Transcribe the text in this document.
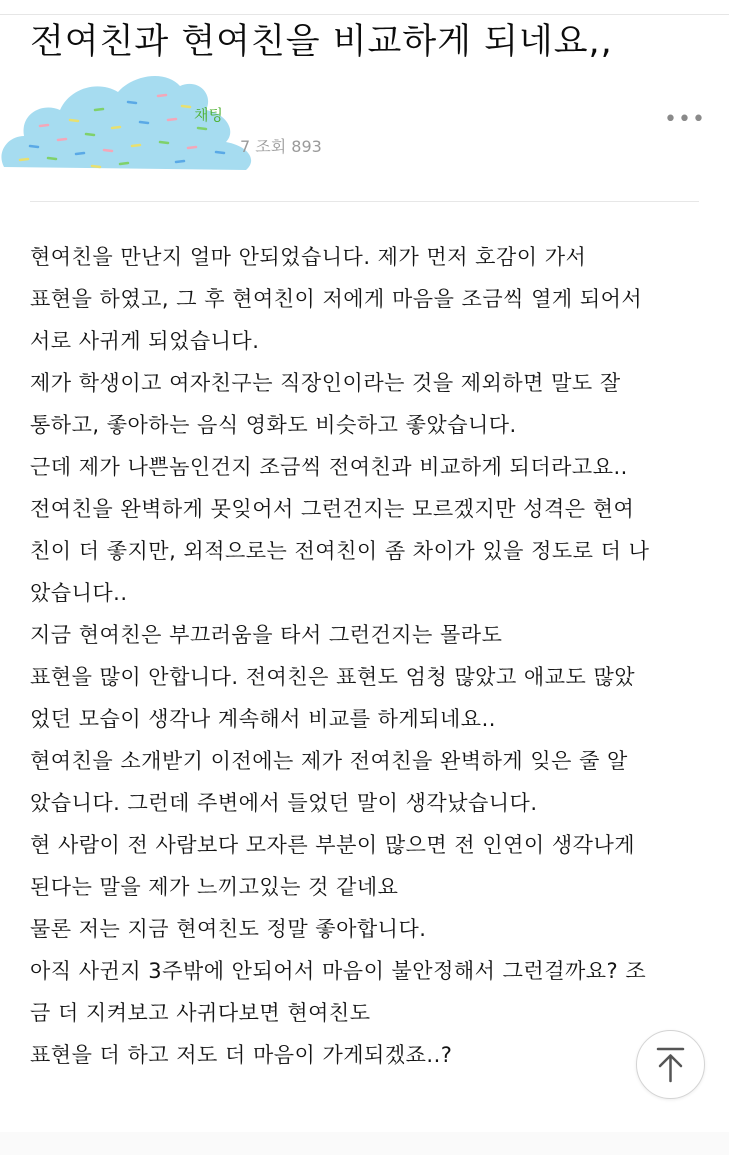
전여친과 현여친을 비교하게 되네요,,
채팅
7 조회 893
•••
현여친을 만난지 얼마 안되었습니다. 제가 먼저 호감이 가서
표현을 하였고, 그 후 현여친이 저에게 마음을 조금씩 열게 되어서
서로 사귀게 되었습니다.
제가 학생이고 여자친구는 직장인이라는 것을 제외하면 말도 잘
통하고, 좋아하는 음식 영화도 비슷하고 좋았습니다.
근데 제가 나쁜놈인건지 조금씩 전여친과 비교하게 되더라고요..
전여친을 완벽하게 못잊어서 그런건지는 모르겠지만 성격은 현여
친이 더 좋지만, 외적으로는 전여친이 좀 차이가 있을 정도로 더 나
았습니다..
지금 현여친은 부끄러움을 타서 그런건지는 몰라도
표현을 많이 안합니다. 전여친은 표현도 엄청 많았고 애교도 많았
었던 모습이 생각나 계속해서 비교를 하게되네요..
현여친을 소개받기 이전에는 제가 전여친을 완벽하게 잊은 줄 알
았습니다. 그런데 주변에서 들었던 말이 생각났습니다.
현 사람이 전 사람보다 모자른 부분이 많으면 전 인연이 생각나게
된다는 말을 제가 느끼고있는 것 같네요
물론 저는 지금 현여친도 정말 좋아합니다.
아직 사귄지 3주밖에 안되어서 마음이 불안정해서 그런걸까요? 조
금 더 지켜보고 사귀다보면 현여친도
표현을 더 하고 저도 더 마음이 가게되겠죠..?
